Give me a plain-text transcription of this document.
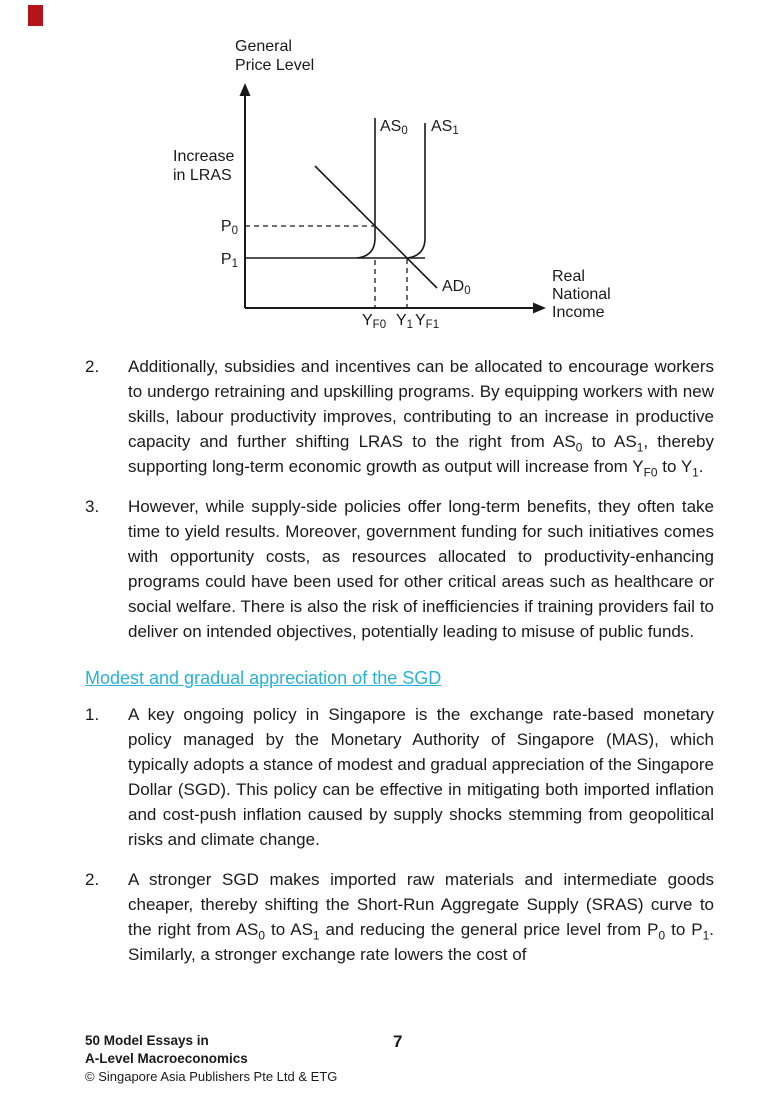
General
Price Level
Increase
in LRAS
Real
National
Income
AS0 AS1
AD0
P0
P1
YF0 Y1 YF1
2.	Additionally, subsidies and incentives can be allocated to encourage workers to undergo retraining and upskilling programs. By equipping workers with new skills, labour productivity improves, contributing to an increase in productive capacity and further shifting LRAS to the right from $AS_0$ to $AS_1$, thereby supporting long-term economic growth as output will increase from $Y_{F0}$ to $Y_1$.

3.	However, while supply-side policies offer long-term benefits, they often take time to yield results. Moreover, government funding for such initiatives comes with opportunity costs, as resources allocated to productivity-enhancing programs could have been used for other critical areas such as healthcare or social welfare. There is also the risk of inefficiencies if training providers fail to deliver on intended objectives, potentially leading to misuse of public funds.

Modest and gradual appreciation of the SGD
1.	A key ongoing policy in Singapore is the exchange rate-based monetary policy managed by the Monetary Authority of Singapore (MAS), which typically adopts a stance of modest and gradual appreciation of the Singapore Dollar (SGD). This policy can be effective in mitigating both imported inflation and cost-push inflation caused by supply shocks stemming from geopolitical risks and climate change.

2.	A stronger SGD makes imported raw materials and intermediate goods cheaper, thereby shifting the Short-Run Aggregate Supply (SRAS) curve to the right from $AS_0$ to $AS_1$ and reducing the general price level from $P_0$ to $P_1$. Similarly, a stronger exchange rate lowers the cost of

50 Model Essays in
A-Level Macroeconomics
© Singapore Asia Publishers Pte Ltd & ETG
7
